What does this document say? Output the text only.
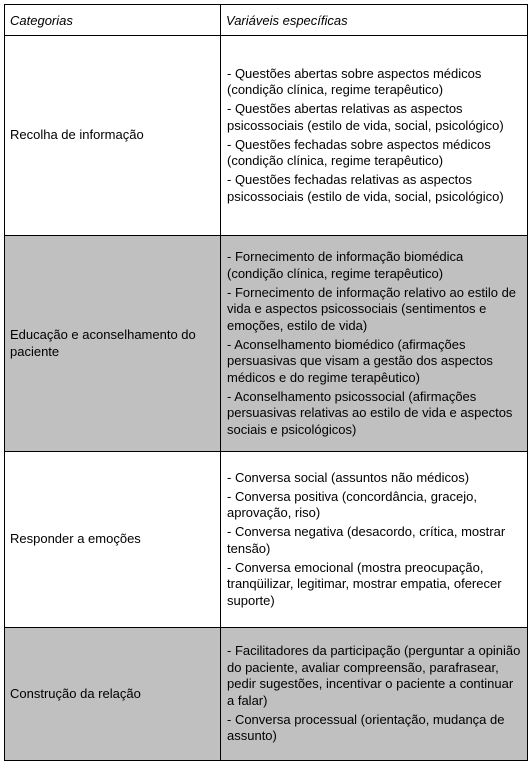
Categorias	Variáveis específicas
Recolha de informação	- Questões abertas sobre aspectos médicos (condição clínica, regime terapêutico)
- Questões abertas relativas as aspectos psicossociais (estilo de vida, social, psicológico)
- Questões fechadas sobre aspectos médicos (condição clínica, regime terapêutico)
- Questões fechadas relativas as aspectos psicossociais (estilo de vida, social, psicológico)

Educação e aconselhamento do paciente	- Fornecimento de informação biomédica (condição clínica, regime terapêutico)
- Fornecimento de informação relativo ao estilo de vida e aspectos psicossociais (sentimentos e emoções, estilo de vida)
- Aconselhamento biomédico (afirmações persuasivas que visam a gestão dos aspectos médicos e do regime terapêutico)
- Aconselhamento psicossocial (afirmações persuasivas relativas ao estilo de vida e aspectos sociais e psicológicos)

Responder a emoções	- Conversa social (assuntos não médicos)
- Conversa positiva (concordância, gracejo, aprovação, riso)
- Conversa negativa (desacordo, crítica, mostrar tensão)
- Conversa emocional (mostra preocupação, tranqüilizar, legitimar, mostrar empatia, oferecer suporte)

Construção da relação	- Facilitadores da participação (perguntar a opinião do paciente, avaliar compreensão, parafrasear, pedir sugestões, incentivar o paciente a continuar a falar)
- Conversa processual (orientação, mudança de assunto)
